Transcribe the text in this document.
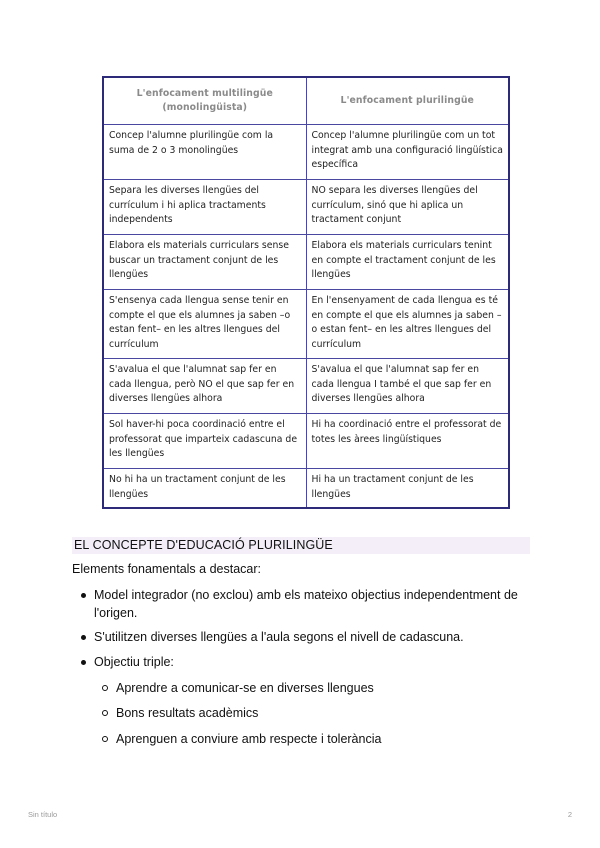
L'enfocament multilingüe (monolingüista)	L'enfocament plurilingüe
Concep l'alumne plurilingüe com la suma de 2 o 3 monolingües	Concep l'alumne plurilingüe com un tot integrat amb una configuració lingüística específica
Separa les diverses llengües del currículum i hi aplica tractaments independents	NO separa les diverses llengües del currículum, sinó que hi aplica un tractament conjunt
Elabora els materials curriculars sense buscar un tractament conjunt de les llengües	Elabora els materials curriculars tenint en compte el tractament conjunt de les llengües
S'ensenya cada llengua sense tenir en compte el que els alumnes ja saben –o estan fent– en les altres llengues del currículum	En l'ensenyament de cada llengua es té en compte el que els alumnes ja saben –o estan fent– en les altres llengues del currículum
S'avalua el que l'alumnat sap fer en cada llengua, però NO el que sap fer en diverses llengües alhora	S'avalua el que l'alumnat sap fer en cada llengua I també el que sap fer en diverses llengües alhora
Sol haver-hi poca coordinació entre el professorat que imparteix cadascuna de les llengües	Hi ha coordinació entre el professorat de totes les àrees lingüístiques
No hi ha un tractament conjunt de les llengües	Hi ha un tractament conjunt de les llengües
EL CONCEPTE D'EDUCACIÓ PLURILINGÜE
Elements fonamentals a destacar:
Model integrador (no exclou) amb els mateixo objectius independentment de l'origen.
S'utilitzen diverses llengües a l'aula segons el nivell de cadascuna.
Objectiu triple:
Aprendre a comunicar-se en diverses llengues
Bons resultats acadèmics
Aprenguen a conviure amb respecte i tolerància
Sin título	2
